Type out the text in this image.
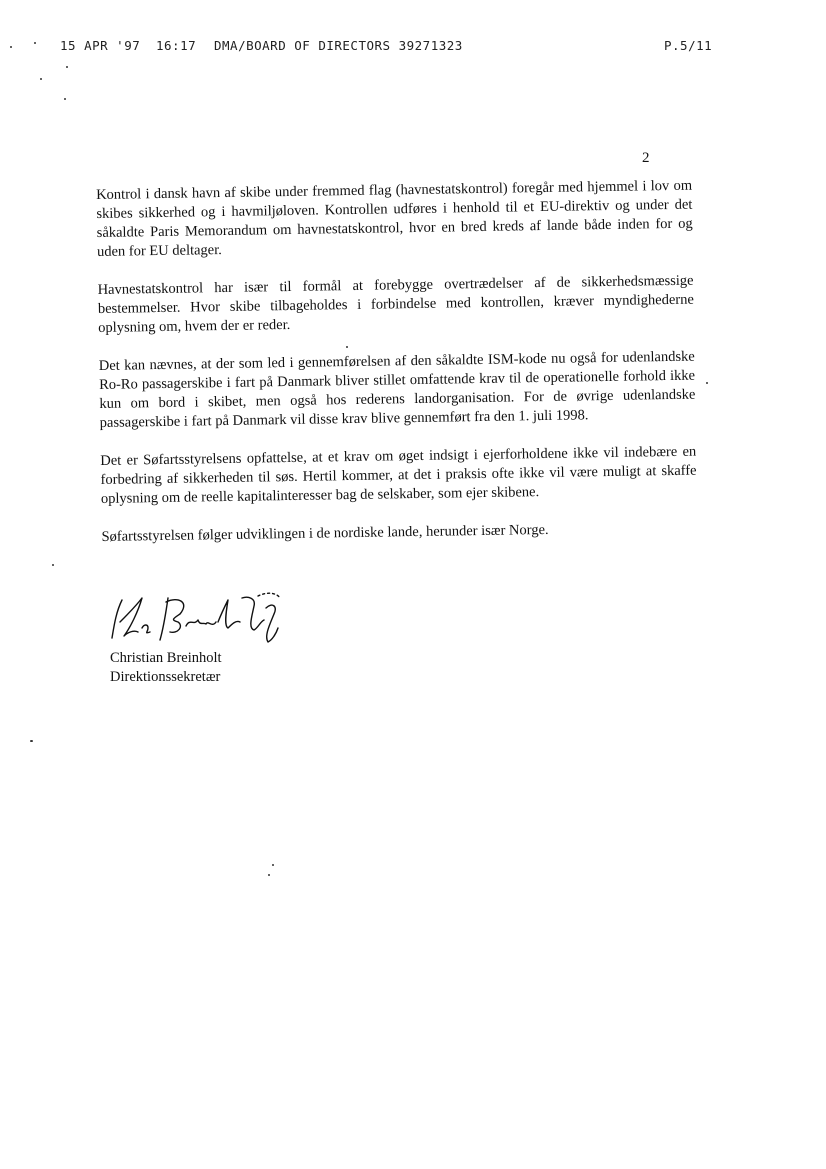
15 APR '97 16:17 DMA/BOARD OF DIRECTORS 39271323	P.5/11
2

Kontrol i dansk havn af skibe under fremmed flag (havnestatskontrol) foregår med hjemmel i lov om skibes sikkerhed og i havmiljøloven. Kontrollen udføres i henhold til et EU-direktiv og under det såkaldte Paris Memorandum om havnestatskontrol, hvor en bred kreds af lande både inden for og uden for EU deltager.

Havnestatskontrol har især til formål at forebygge overtrædelser af de sikkerhedsmæssige bestemmelser. Hvor skibe tilbageholdes i forbindelse med kontrollen, kræver myndighederne oplysning om, hvem der er reder.

Det kan nævnes, at der som led i gennemførelsen af den såkaldte ISM-kode nu også for udenlandske Ro-Ro passagerskibe i fart på Danmark bliver stillet omfattende krav til de operationelle forhold ikke kun om bord i skibet, men også hos rederens landorganisation. For de øvrige udenlandske passagerskibe i fart på Danmark vil disse krav blive gennemført fra den 1. juli 1998.

Det er Søfartsstyrelsens opfattelse, at et krav om øget indsigt i ejerforholdene ikke vil indebære en forbedring af sikkerheden til søs. Hertil kommer, at det i praksis ofte ikke vil være muligt at skaffe oplysning om de reelle kapitalinteresser bag de selskaber, som ejer skibene.

Søfartsstyrelsen følger udviklingen i de nordiske lande, herunder især Norge.

Christian Breinholt
Direktionssekretær
